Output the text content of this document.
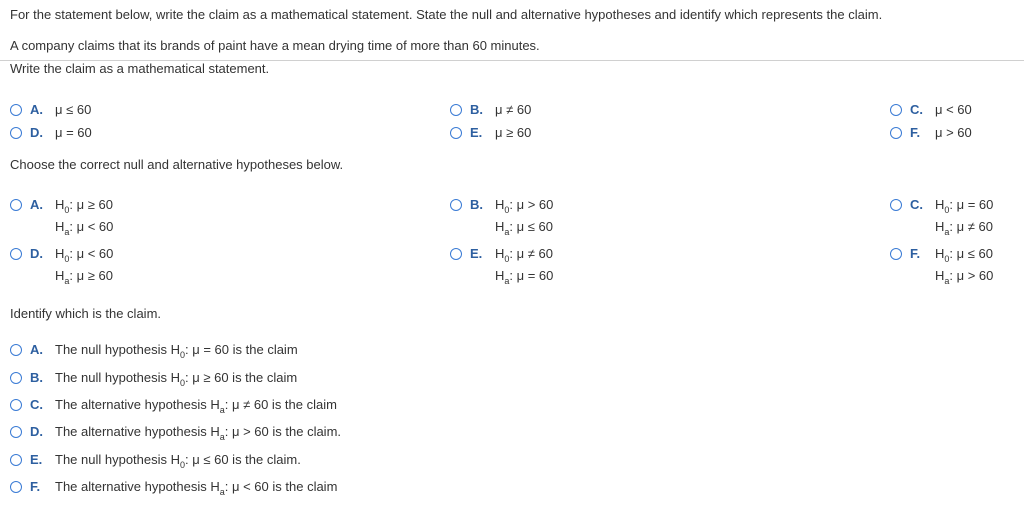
For the statement below, write the claim as a mathematical statement. State the null and alternative hypotheses and identify which represents the claim.
A company claims that its brands of paint have a mean drying time of more than 60 minutes.
Write the claim as a mathematical statement.
A. μ ≤ 60	B. μ ≠ 60	C. μ < 60
D. μ = 60	E. μ ≥ 60	F.	μ > 60
Choose the correct null and alternative hypotheses below.
A. $H_0$: μ ≥ 60
$H_a$: μ < 60
B. $H_0$: μ > 60
$H_a$: μ ≤ 60
C. $H_0$: μ = 60
$H_a$: μ ≠ 60
D. $H_0$: μ < 60
$H_a$: μ ≥ 60
E. $H_0$: μ ≠ 60
$H_a$: μ = 60
F.	$H_0$: μ ≤ 60
$H_a$: μ > 60
Identify which is the claim.
A. The null hypothesis $H_0$: μ = 60 is the claim
B. The null hypothesis $H_0$: μ ≥ 60 is the claim
C. The alternative hypothesis $H_a$: μ ≠ 60 is the claim
D. The alternative hypothesis $H_a$: μ > 60 is the claim.
E. The null hypothesis $H_0$: μ ≤ 60 is the claim.
F.	The alternative hypothesis $H_a$: μ < 60 is the claim
